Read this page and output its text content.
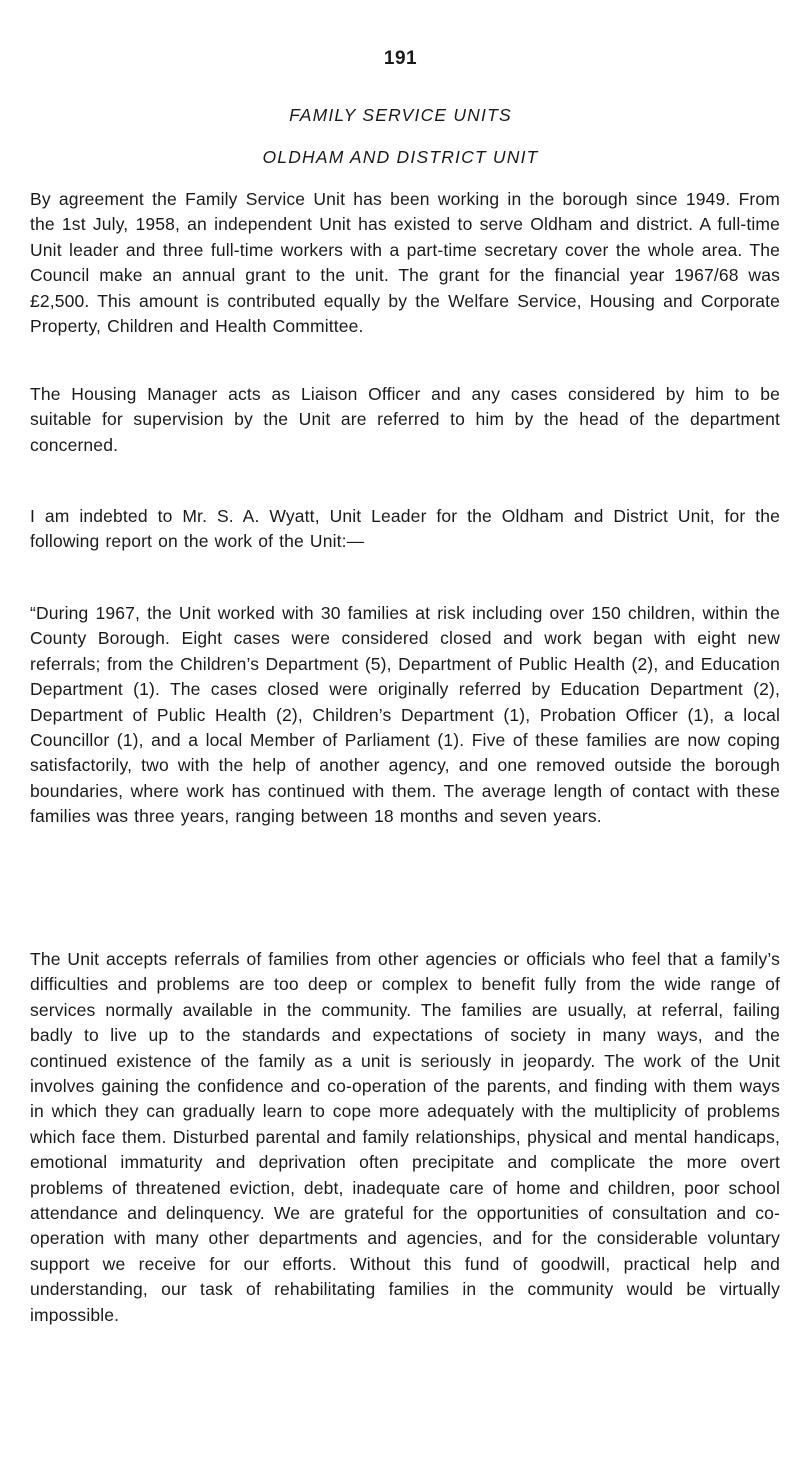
191
FAMILY SERVICE UNITS
OLDHAM AND DISTRICT UNIT

By agreement the Family Service Unit has been working in the borough since 1949. From the 1st July, 1958, an independent Unit has existed to serve Oldham and district. A full-time Unit leader and three full-time workers with a part-time secretary cover the whole area. The Council make an annual grant to the unit. The grant for the financial year 1967/68 was £2,500. This amount is contributed equally by the Welfare Service, Housing and Corporate Property, Children and Health Committee.

The Housing Manager acts as Liaison Officer and any cases considered by him to be suitable for supervision by the Unit are referred to him by the head of the department concerned.

I am indebted to Mr. S. A. Wyatt, Unit Leader for the Oldham and District Unit, for the following report on the work of the Unit:—

“During 1967, the Unit worked with 30 families at risk including over 150 children, within the County Borough. Eight cases were considered closed and work began with eight new referrals; from the Children’s Department (5), Department of Public Health (2), and Education Department (1). The cases closed were originally referred by Education Department (2), Department of Public Health (2), Children’s Department (1), Probation Officer (1), a local Councillor (1), and a local Member of Parliament (1). Five of these families are now coping satisfactorily, two with the help of another agency, and one removed outside the borough boundaries, where work has continued with them. The average length of contact with these families was three years, ranging between 18 months and seven years.

The Unit accepts referrals of families from other agencies or officials who feel that a family’s difficulties and problems are too deep or complex to benefit fully from the wide range of services normally available in the community. The families are usually, at referral, failing badly to live up to the standards and expectations of society in many ways, and the continued existence of the family as a unit is seriously in jeopardy. The work of the Unit involves gaining the confidence and co-operation of the parents, and finding with them ways in which they can gradually learn to cope more adequately with the multiplicity of problems which face them. Disturbed parental and family relationships, physical and mental handicaps, emotional immaturity and deprivation often precipitate and complicate the more overt problems of threatened eviction, debt, inadequate care of home and children, poor school attendance and delinquency. We are grateful for the opportunities of consultation and co-operation with many other departments and agencies, and for the considerable voluntary support we receive for our efforts. Without this fund of goodwill, practical help and understanding, our task of rehabilitating families in the community would be virtually impossible.
